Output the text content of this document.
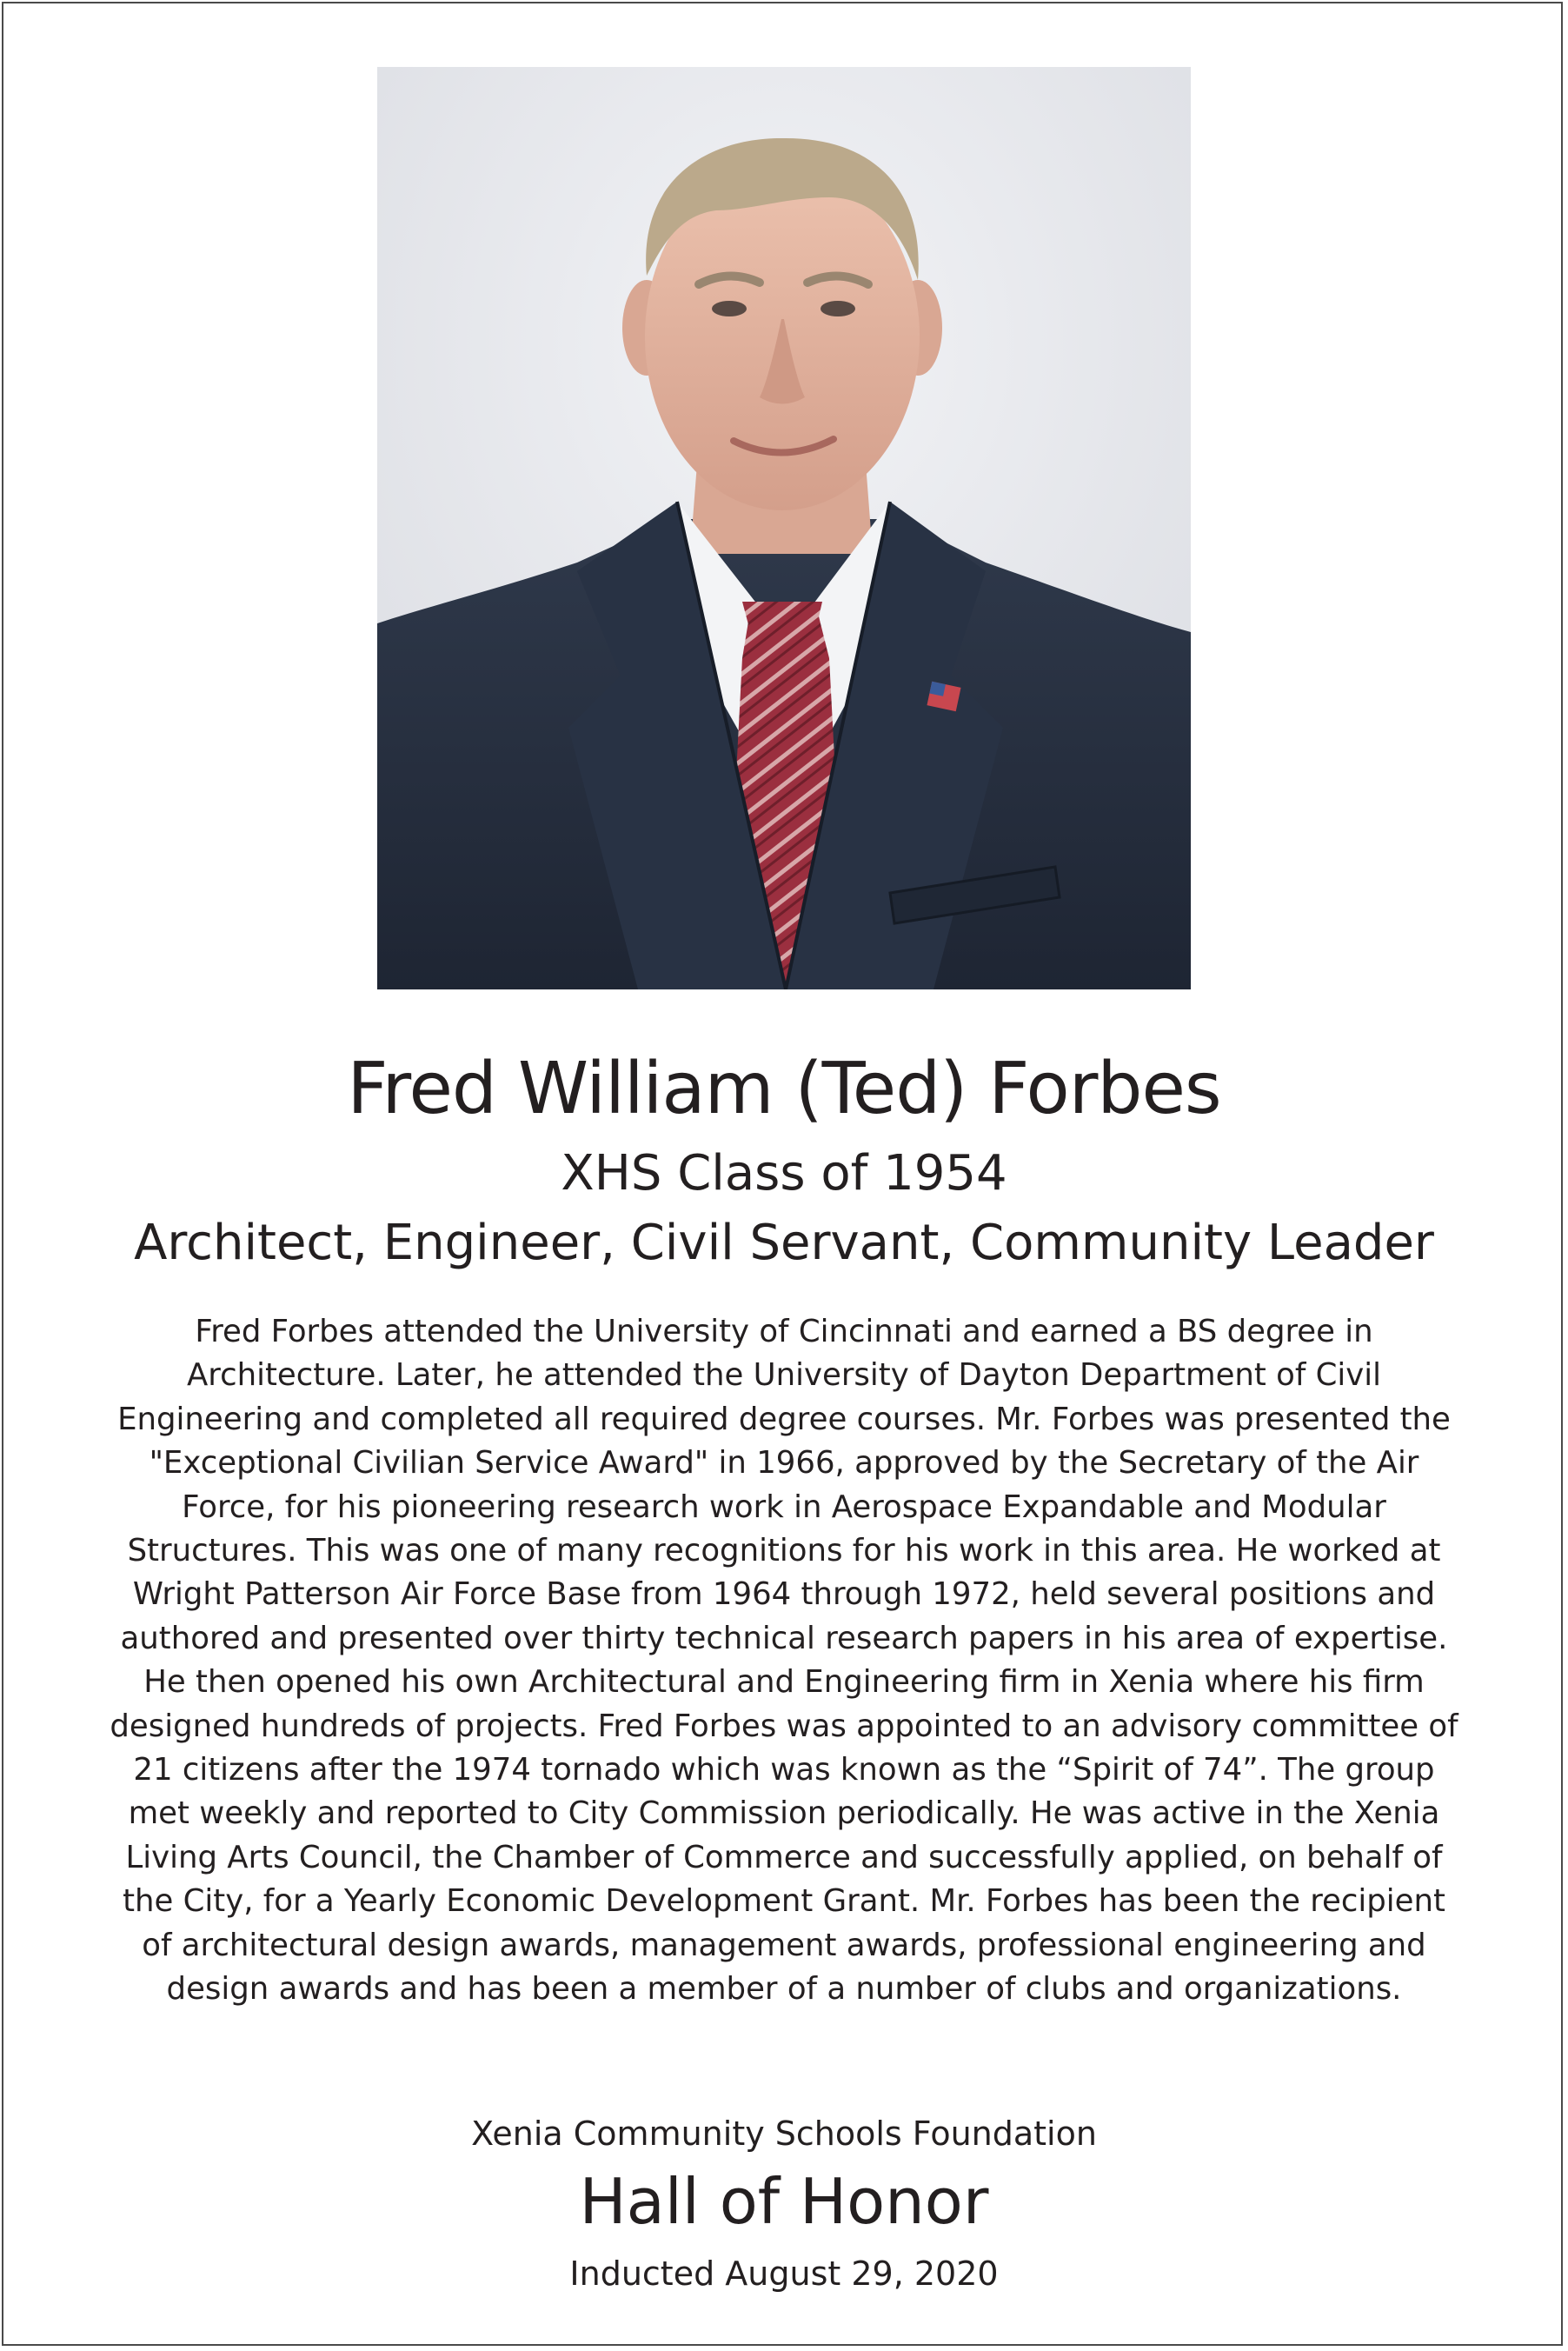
Fred William (Ted) Forbes
XHS Class of 1954
Architect, Engineer, Civil Servant, Community Leader

Fred Forbes attended the University of Cincinnati and earned a BS degree in Architecture. Later, he attended the University of Dayton Department of Civil Engineering and completed all required degree courses. Mr. Forbes was presented the "Exceptional Civilian Service Award" in 1966, approved by the Secretary of the Air Force, for his pioneering research work in Aerospace Expandable and Modular Structures. This was one of many recognitions for his work in this area. He worked at Wright Patterson Air Force Base from 1964 through 1972, held several positions and authored and presented over thirty technical research papers in his area of expertise. He then opened his own Architectural and Engineering firm in Xenia where his firm designed hundreds of projects. Fred Forbes was appointed to an advisory committee of 21 citizens after the 1974 tornado which was known as the “Spirit of 74”. The group met weekly and reported to City Commission periodically. He was active in the Xenia Living Arts Council, the Chamber of Commerce and successfully applied, on behalf of the City, for a Yearly Economic Development Grant. Mr. Forbes has been the recipient of architectural design awards, management awards, professional engineering and design awards and has been a member of a number of clubs and organizations.

Xenia Community Schools Foundation
Hall of Honor
Inducted August 29, 2020
